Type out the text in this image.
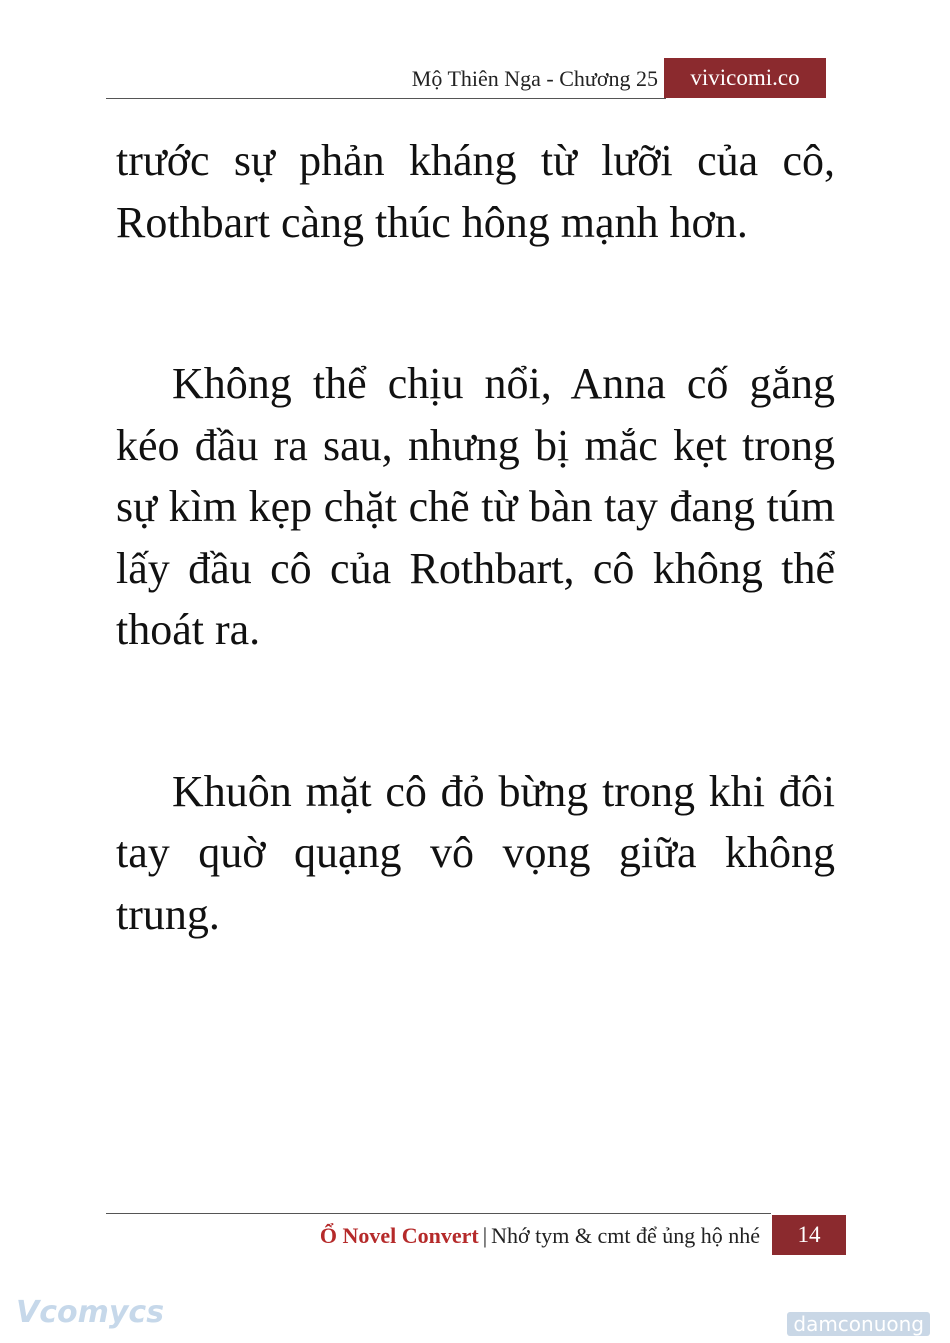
Mộ Thiên Nga - Chương 25	vivicomi.co

trước sự phản kháng từ lưỡi của cô, Rothbart càng thúc hông mạnh hơn.

Không thể chịu nổi, Anna cố gắng kéo đầu ra sau, nhưng bị mắc kẹt trong sự kìm kẹp chặt chẽ từ bàn tay đang túm lấy đầu cô của Rothbart, cô không thể thoát ra.

Khuôn mặt cô đỏ bừng trong khi đôi tay quờ quạng vô vọng giữa không trung.

Ổ Novel Convert | Nhớ tym & cmt để ủng hộ nhé	14
Vcomycs	damconuong
